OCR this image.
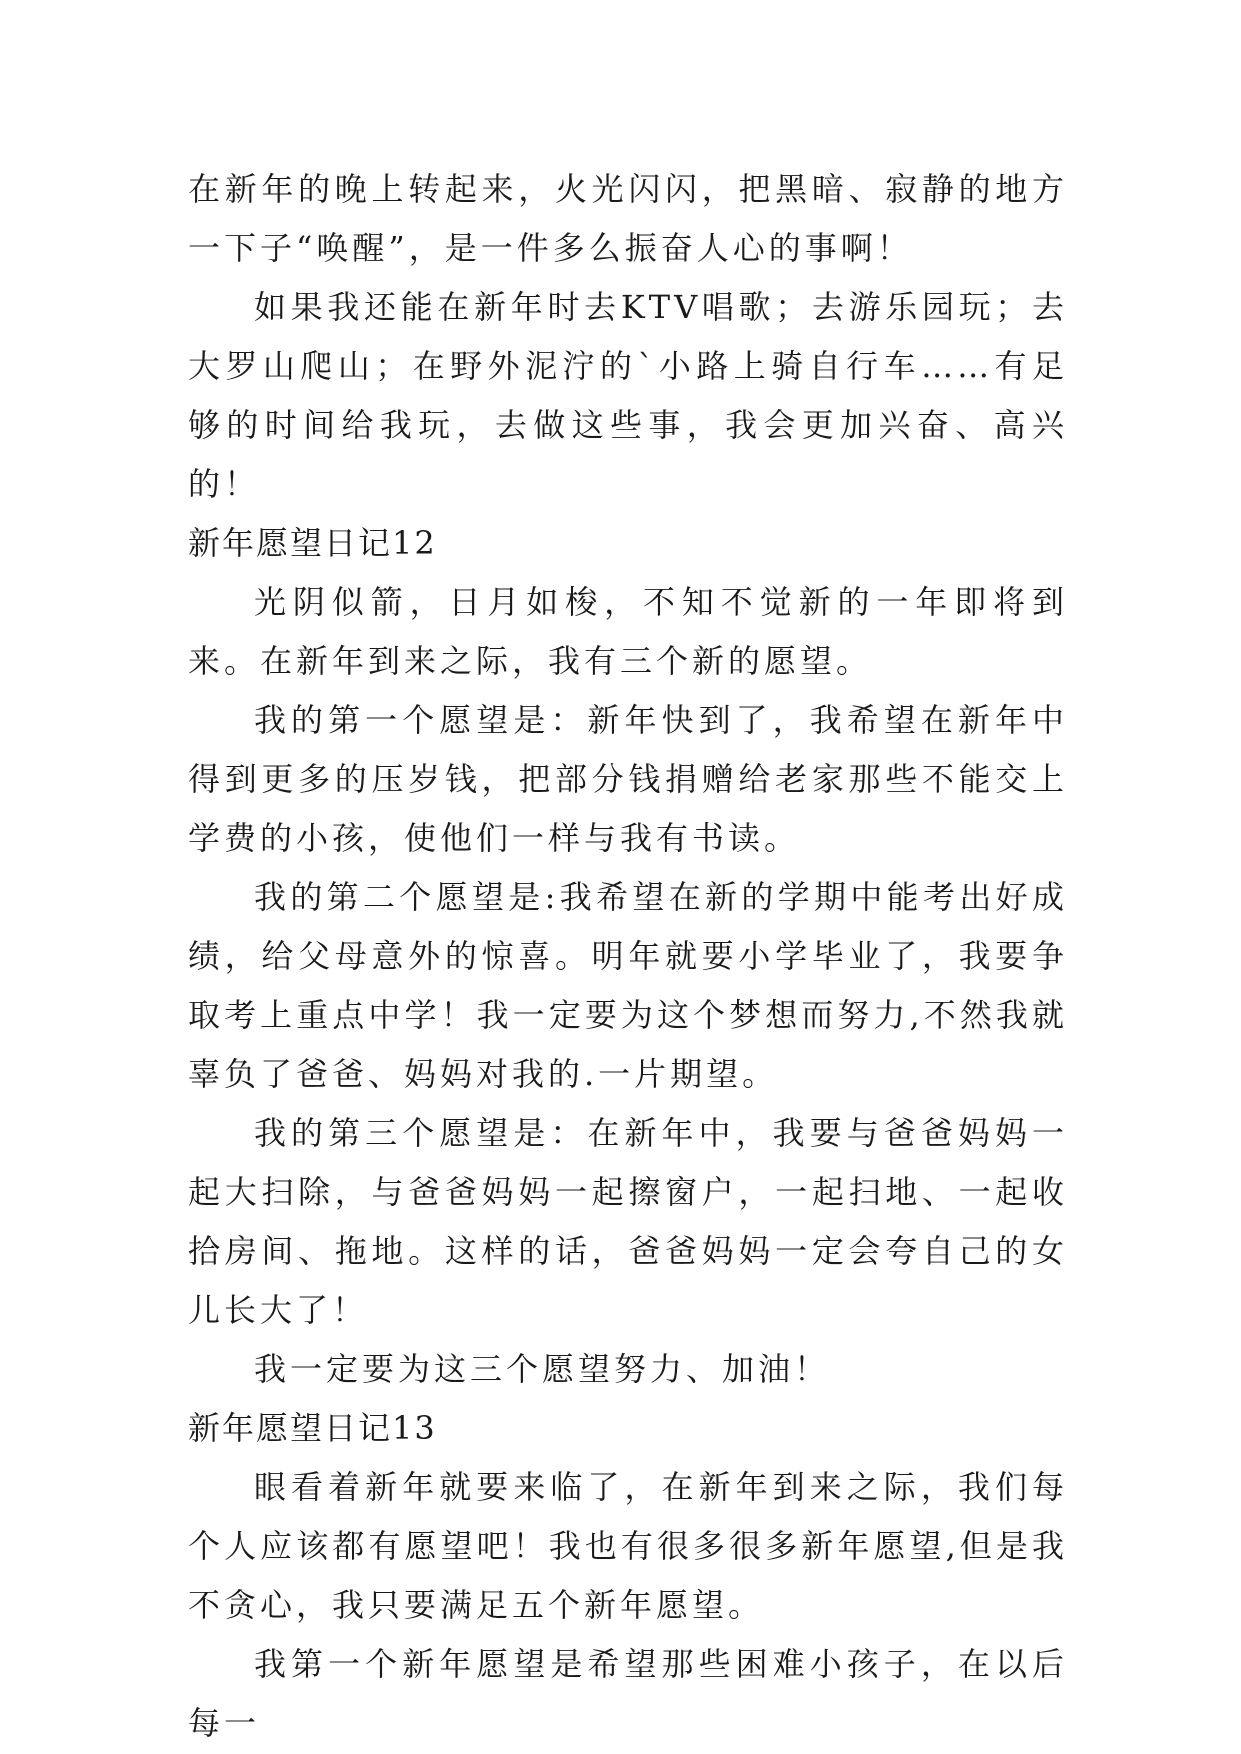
在新年的晚上转起来，火光闪闪，把黑暗、寂静的地方一下子“唤醒”，是一件多么振奋人心的事啊！

如果我还能在新年时去KTV唱歌；去游乐园玩；去大罗山爬山；在野外泥泞的`小路上骑自行车……有足够的时间给我玩，去做这些事，我会更加兴奋、高兴的！

新年愿望日记12

光阴似箭，日月如梭，不知不觉新的一年即将到来。在新年到来之际，我有三个新的愿望。

我的第一个愿望是：新年快到了，我希望在新年中得到更多的压岁钱，把部分钱捐赠给老家那些不能交上学费的小孩，使他们一样与我有书读。

我的第二个愿望是:我希望在新的学期中能考出好成绩，给父母意外的惊喜。明年就要小学毕业了，我要争取考上重点中学！我一定要为这个梦想而努力,不然我就辜负了爸爸、妈妈对我的.一片期望。

我的第三个愿望是：在新年中，我要与爸爸妈妈一起大扫除，与爸爸妈妈一起擦窗户，一起扫地、一起收拾房间、拖地。这样的话，爸爸妈妈一定会夸自己的女儿长大了！

我一定要为这三个愿望努力、加油！

新年愿望日记13

眼看着新年就要来临了，在新年到来之际，我们每个人应该都有愿望吧！我也有很多很多新年愿望,但是我不贪心，我只要满足五个新年愿望。

我第一个新年愿望是希望那些困难小孩子，在以后每一
